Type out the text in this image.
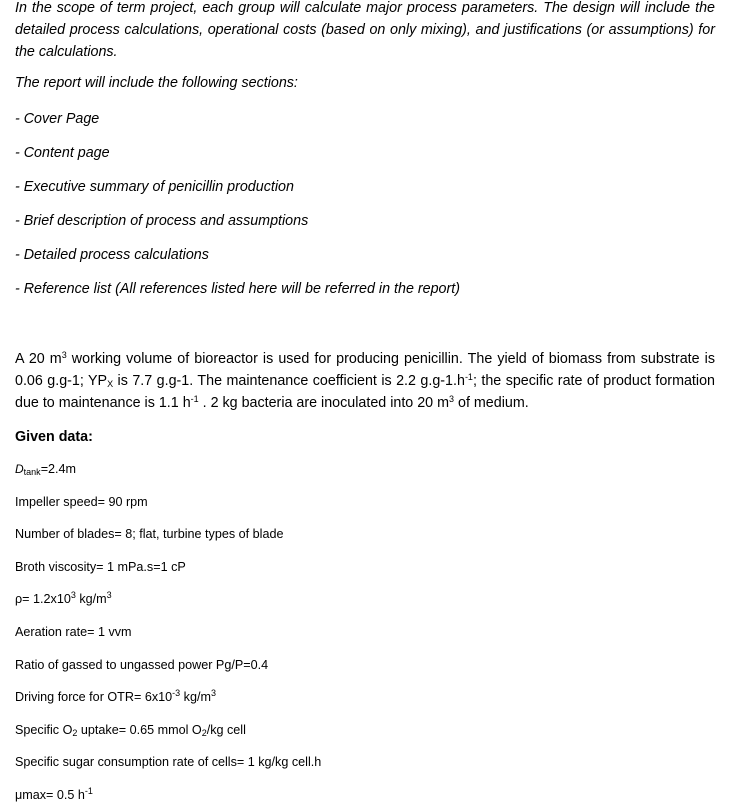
In the scope of term project, each group will calculate major process parameters. The design will include the detailed process calculations, operational costs (based on only mixing), and justifications (or assumptions) for the calculations.

The report will include the following sections:

- Cover Page
- Content page
- Executive summary of penicillin production
- Brief description of process and assumptions
- Detailed process calculations
- Reference list (All references listed here will be referred in the report)

A 20 $m^3$ working volume of bioreactor is used for producing penicillin. The yield of biomass from substrate is 0.06 g.g-1; $YP_X$ is 7.7 g.g-1. The maintenance coefficient is 2.2 $g.g-1.h^{-1}$; the specific rate of product formation due to maintenance is 1.1 $h^{-1}$ . 2 kg bacteria are inoculated into 20 $m^3$ of medium.

Given data:

$D_{tank}=2.4m$
Impeller speed= 90 rpm
Number of blades= 8; flat, turbine types of blade
Broth viscosity= 1 mPa.s=1 cP
$\rho= 1.2x10^3$ $kg/m^3$
Aeration rate= 1 vvm
Ratio of gassed to ungassed power Pg/P=0.4
Driving force for $OTR= 6x10^{-3}$ $kg/m^3$
Specific $O_2$ uptake= 0.65 mmol $O_2/kg$ cell
Specific sugar consumption rate of cells= 1 kg/kg cell.h
μmax= 0.5 $h^{-1}$
